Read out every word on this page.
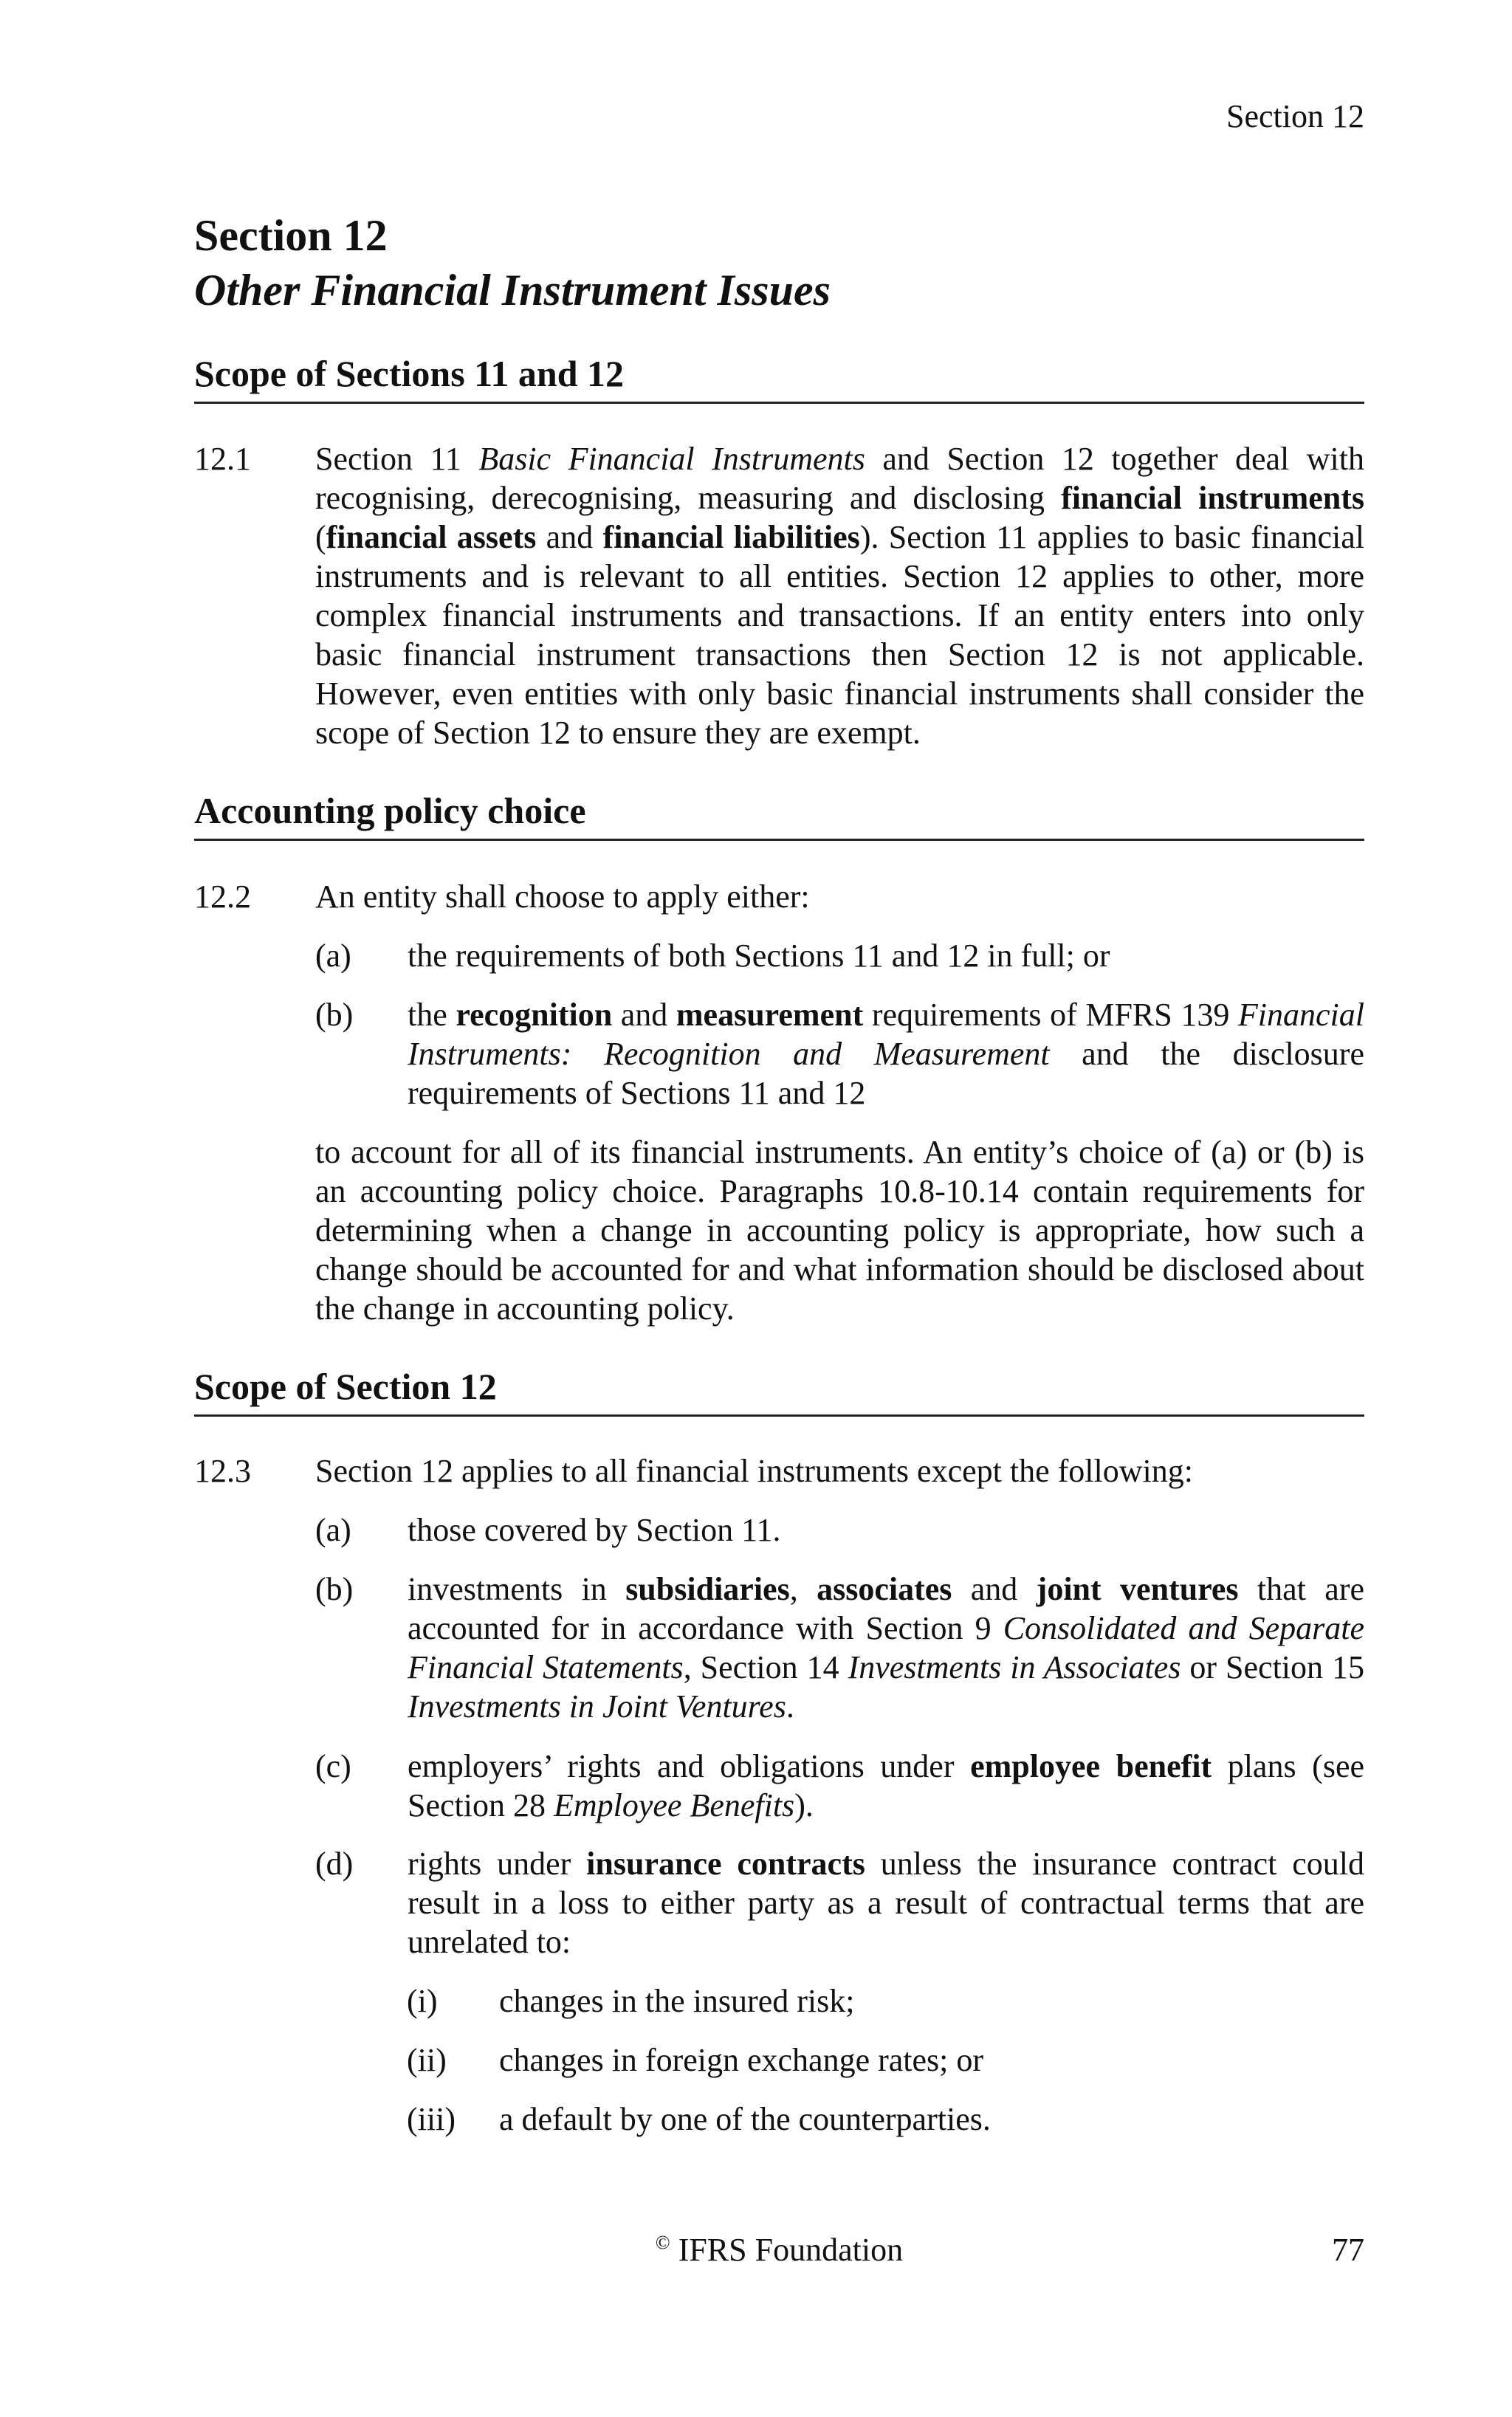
Section 12
Section 12
Other Financial Instrument Issues
Scope of Sections 11 and 12
12.1 Section 11 Basic Financial Instruments and Section 12 together deal with recognising, derecognising, measuring and disclosing financial instruments (financial assets and financial liabilities). Section 11 applies to basic financial instruments and is relevant to all entities. Section 12 applies to other, more complex financial instruments and transactions. If an entity enters into only basic financial instrument transactions then Section 12 is not applicable. However, even entities with only basic financial instruments shall consider the scope of Section 12 to ensure they are exempt.
Accounting policy choice
12.2 An entity shall choose to apply either:
(a) the requirements of both Sections 11 and 12 in full; or
(b) the recognition and measurement requirements of MFRS 139 Financial Instruments: Recognition and Measurement and the disclosure requirements of Sections 11 and 12
to account for all of its financial instruments. An entity’s choice of (a) or (b) is an accounting policy choice. Paragraphs 10.8-10.14 contain requirements for determining when a change in accounting policy is appropriate, how such a change should be accounted for and what information should be disclosed about the change in accounting policy.
Scope of Section 12
12.3 Section 12 applies to all financial instruments except the following:
(a) those covered by Section 11.
(b) investments in subsidiaries, associates and joint ventures that are accounted for in accordance with Section 9 Consolidated and Separate Financial Statements, Section 14 Investments in Associates or Section 15 Investments in Joint Ventures.
(c) employers’ rights and obligations under employee benefit plans (see Section 28 Employee Benefits).
(d) rights under insurance contracts unless the insurance contract could result in a loss to either party as a result of contractual terms that are unrelated to:
(i) changes in the insured risk;
(ii) changes in foreign exchange rates; or
(iii) a default by one of the counterparties.
© IFRS Foundation	77
